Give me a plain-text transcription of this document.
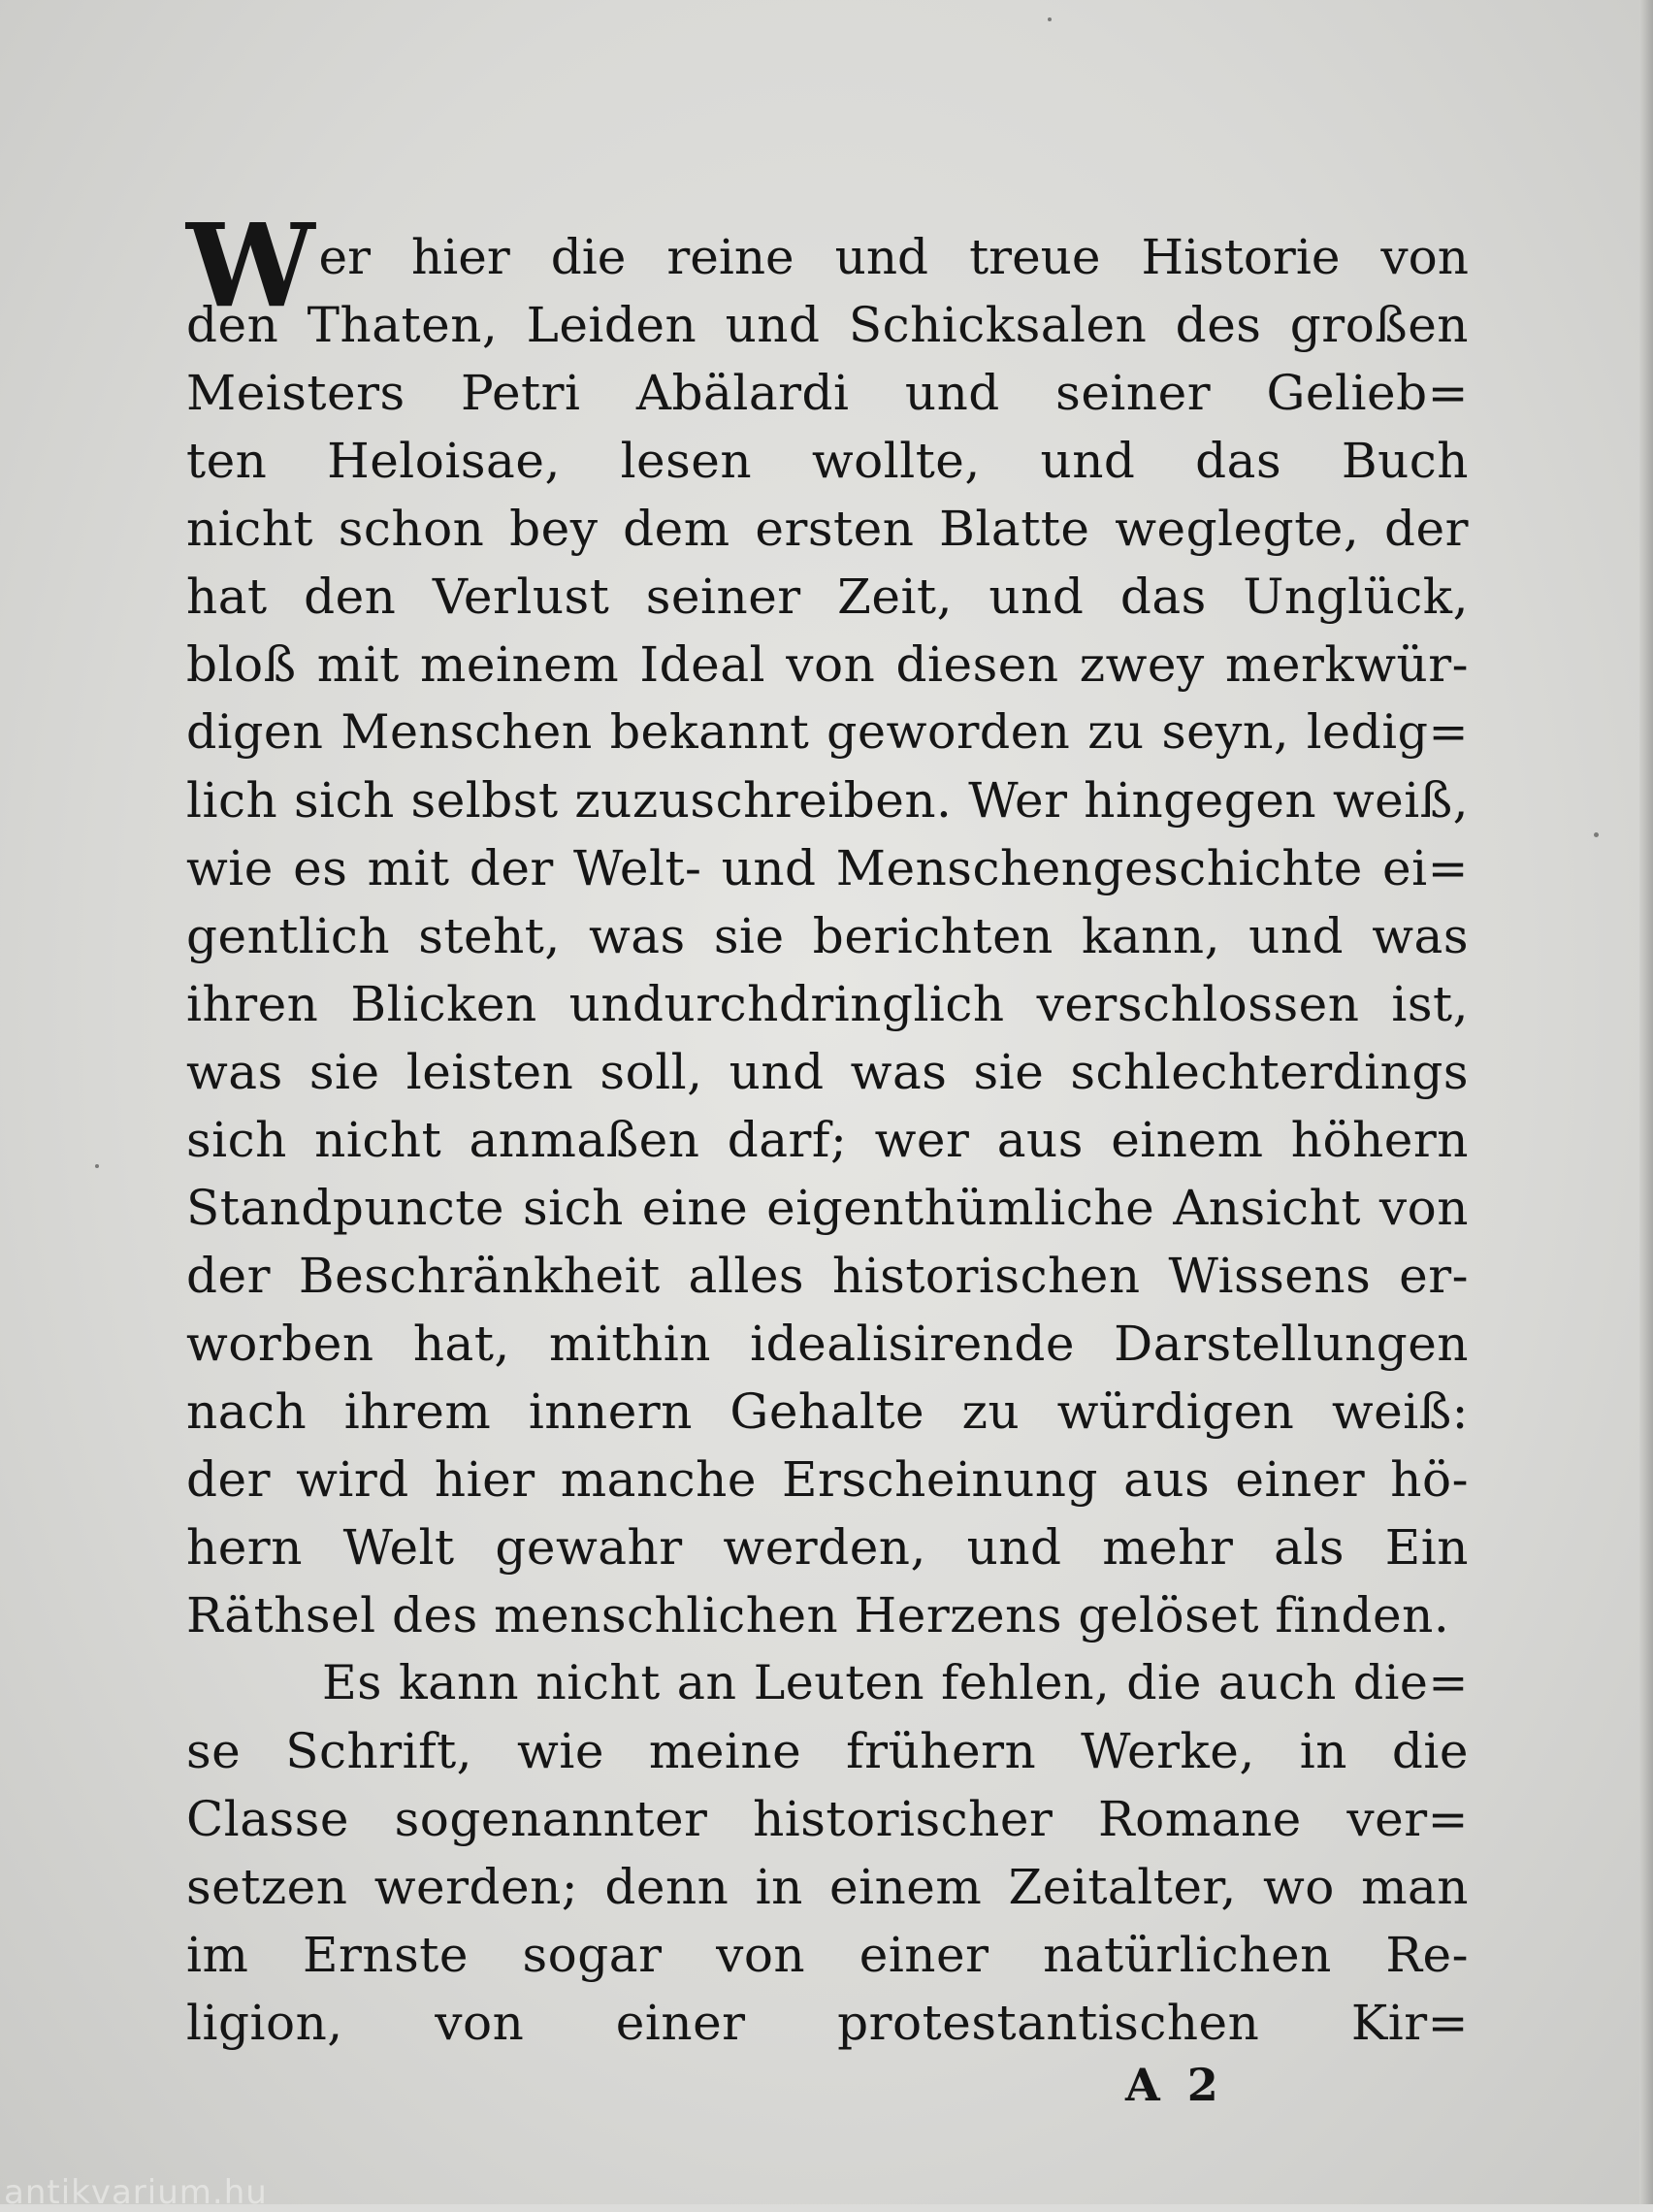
W er hier die reine und treue Historie von
den Thaten, Leiden und Schicksalen des großen
Meisters Petri Abälardi und seiner Gelieb=
ten Heloisae, lesen wollte, und das Buch
nicht schon bey dem ersten Blatte weglegte, der
hat den Verlust seiner Zeit, und das Unglück,
bloß mit meinem Ideal von diesen zwey merkwür-
digen Menschen bekannt geworden zu seyn, ledig=
lich sich selbst zuzuschreiben. Wer hingegen weiß,
wie es mit der Welt- und Menschengeschichte ei=
gentlich steht, was sie berichten kann, und was
ihren Blicken undurchdringlich verschlossen ist,
was sie leisten soll, und was sie schlechterdings
sich nicht anmaßen darf; wer aus einem höhern
Standpuncte sich eine eigenthümliche Ansicht von
der Beschränkheit alles historischen Wissens er-
worben hat, mithin idealisirende Darstellungen
nach ihrem innern Gehalte zu würdigen weiß:
der wird hier manche Erscheinung aus einer hö-
hern Welt gewahr werden, und mehr als Ein
Räthsel des menschlichen Herzens gelöset finden.
Es kann nicht an Leuten fehlen, die auch die=
se Schrift, wie meine frühern Werke, in die
Classe sogenannter historischer Romane ver=
setzen werden; denn in einem Zeitalter, wo man
im Ernste sogar von einer natürlichen Re-
ligion, von einer protestantischen Kir=
A 2
antikvarium.hu
